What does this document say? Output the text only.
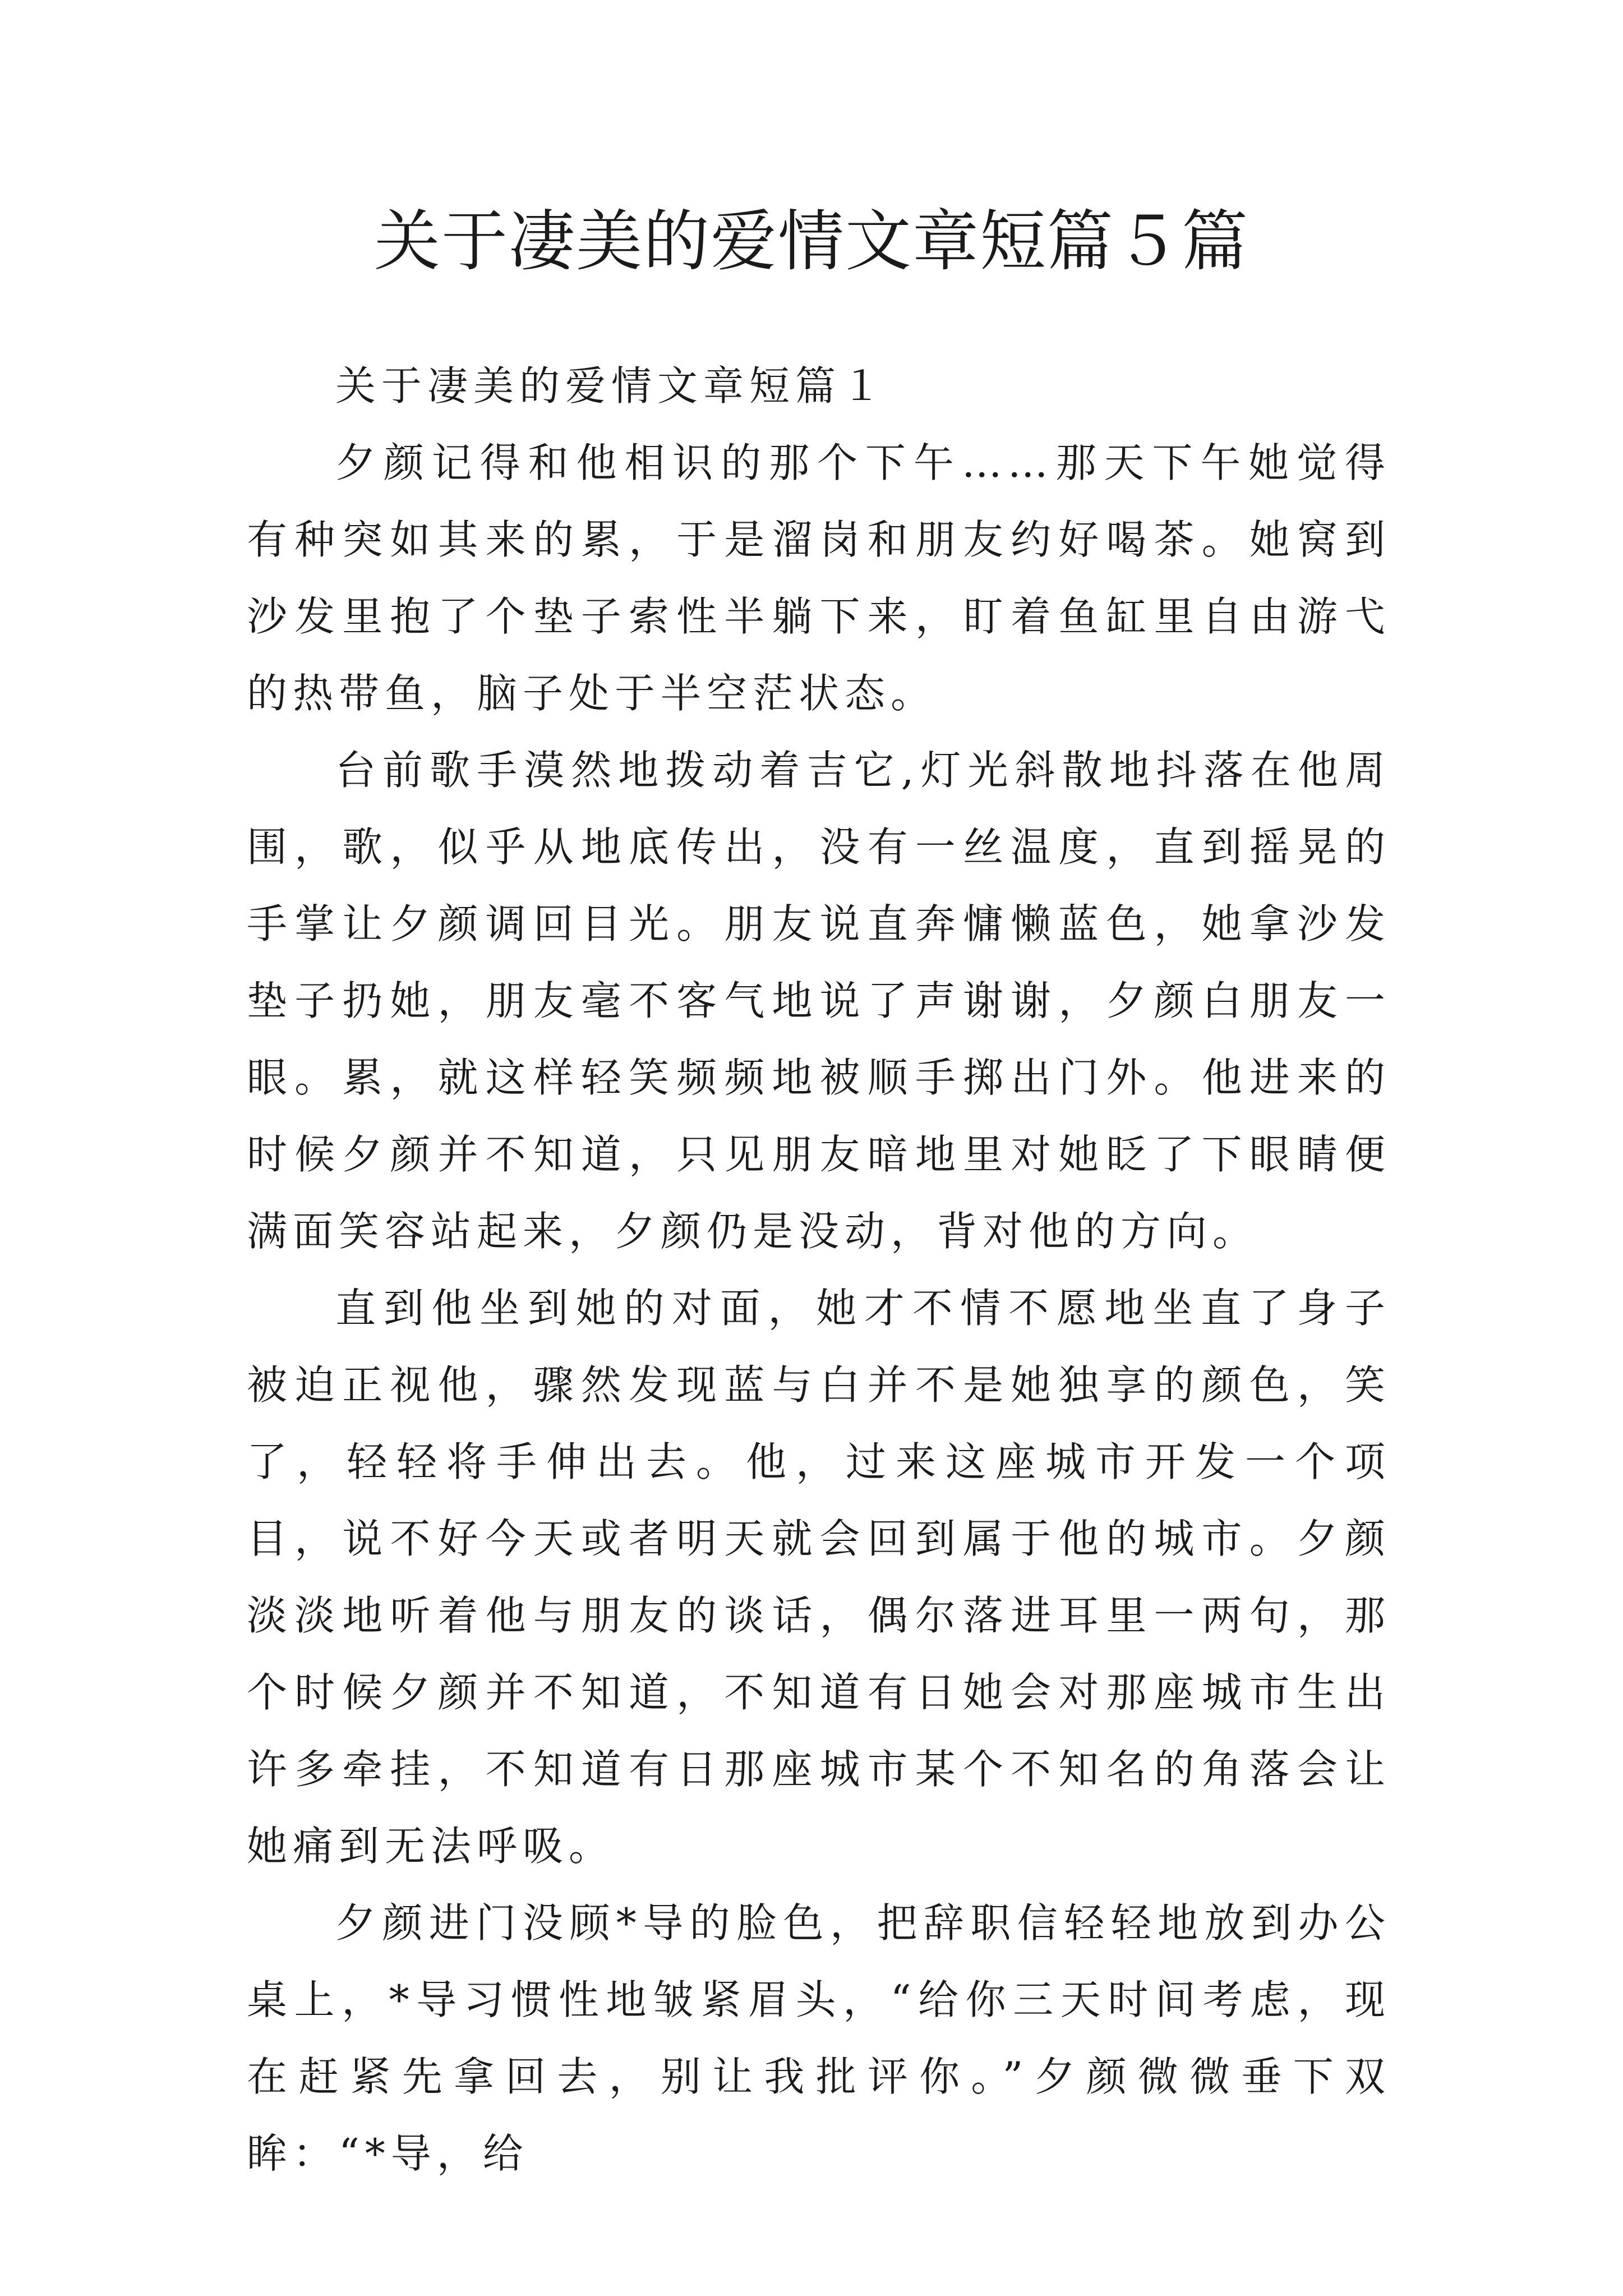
关于凄美的爱情文章短篇５篇

关于凄美的爱情文章短篇１

夕颜记得和他相识的那个下午……那天下午她觉得有种突如其来的累，于是溜岗和朋友约好喝茶。她窝到沙发里抱了个垫子索性半躺下来，盯着鱼缸里自由游弋的热带鱼，脑子处于半空茫状态。

台前歌手漠然地拨动着吉它,灯光斜散地抖落在他周围，歌，似乎从地底传出，没有一丝温度，直到摇晃的手掌让夕颜调回目光。朋友说直奔慵懒蓝色，她拿沙发垫子扔她，朋友毫不客气地说了声谢谢，夕颜白朋友一眼。累，就这样轻笑频频地被顺手掷出门外。他进来的时候夕颜并不知道，只见朋友暗地里对她眨了下眼睛便满面笑容站起来，夕颜仍是没动，背对他的方向。

直到他坐到她的对面，她才不情不愿地坐直了身子被迫正视他，骤然发现蓝与白并不是她独享的颜色，笑了，轻轻将手伸出去。他，过来这座城市开发一个项目，说不好今天或者明天就会回到属于他的城市。夕颜淡淡地听着他与朋友的谈话，偶尔落进耳里一两句，那个时候夕颜并不知道，不知道有日她会对那座城市生出许多牵挂，不知道有日那座城市某个不知名的角落会让她痛到无法呼吸。

夕颜进门没顾*导的脸色，把辞职信轻轻地放到办公桌上，*导习惯性地皱紧眉头，“给你三天时间考虑，现在赶紧先拿回去，别让我批评你。”夕颜微微垂下双眸：“*导，给
